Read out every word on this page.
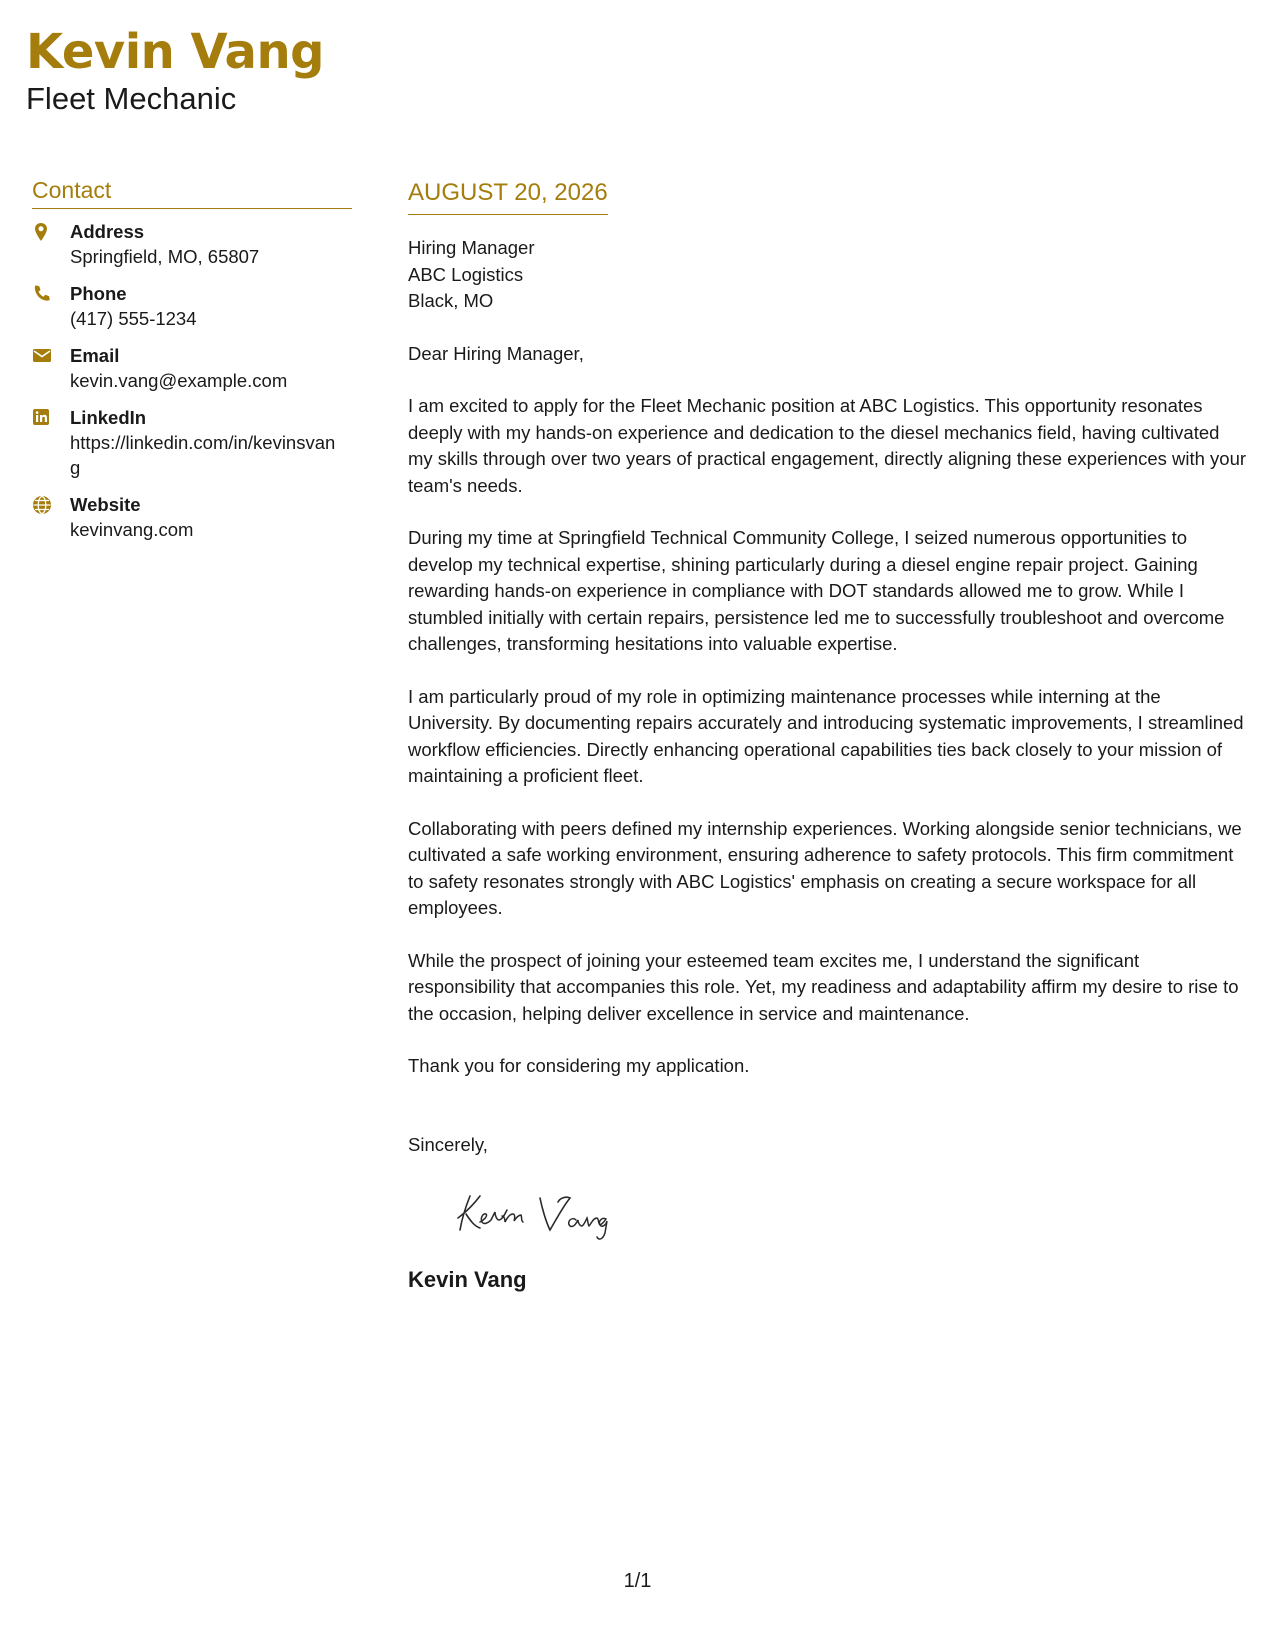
Kevin Vang
Fleet Mechanic
Contact
Address
Springfield, MO, 65807
Phone
(417) 555-1234
Email
kevin.vang@example.com
LinkedIn
https://linkedin.com/in/kevinsvang
Website
kevinvang.com
AUGUST 20, 2026
Hiring Manager
ABC Logistics
Black, MO

Dear Hiring Manager,

I am excited to apply for the Fleet Mechanic position at ABC Logistics. This opportunity resonates deeply with my hands-on experience and dedication to the diesel mechanics field, having cultivated my skills through over two years of practical engagement, directly aligning these experiences with your team's needs.

During my time at Springfield Technical Community College, I seized numerous opportunities to develop my technical expertise, shining particularly during a diesel engine repair project. Gaining rewarding hands-on experience in compliance with DOT standards allowed me to grow. While I stumbled initially with certain repairs, persistence led me to successfully troubleshoot and overcome challenges, transforming hesitations into valuable expertise.

I am particularly proud of my role in optimizing maintenance processes while interning at the University. By documenting repairs accurately and introducing systematic improvements, I streamlined workflow efficiencies. Directly enhancing operational capabilities ties back closely to your mission of maintaining a proficient fleet.

Collaborating with peers defined my internship experiences. Working alongside senior technicians, we cultivated a safe working environment, ensuring adherence to safety protocols. This firm commitment to safety resonates strongly with ABC Logistics' emphasis on creating a secure workspace for all employees.

While the prospect of joining your esteemed team excites me, I understand the significant responsibility that accompanies this role. Yet, my readiness and adaptability affirm my desire to rise to the occasion, helping deliver excellence in service and maintenance.

Thank you for considering my application.

Sincerely,
Kevin Vang
1/1
